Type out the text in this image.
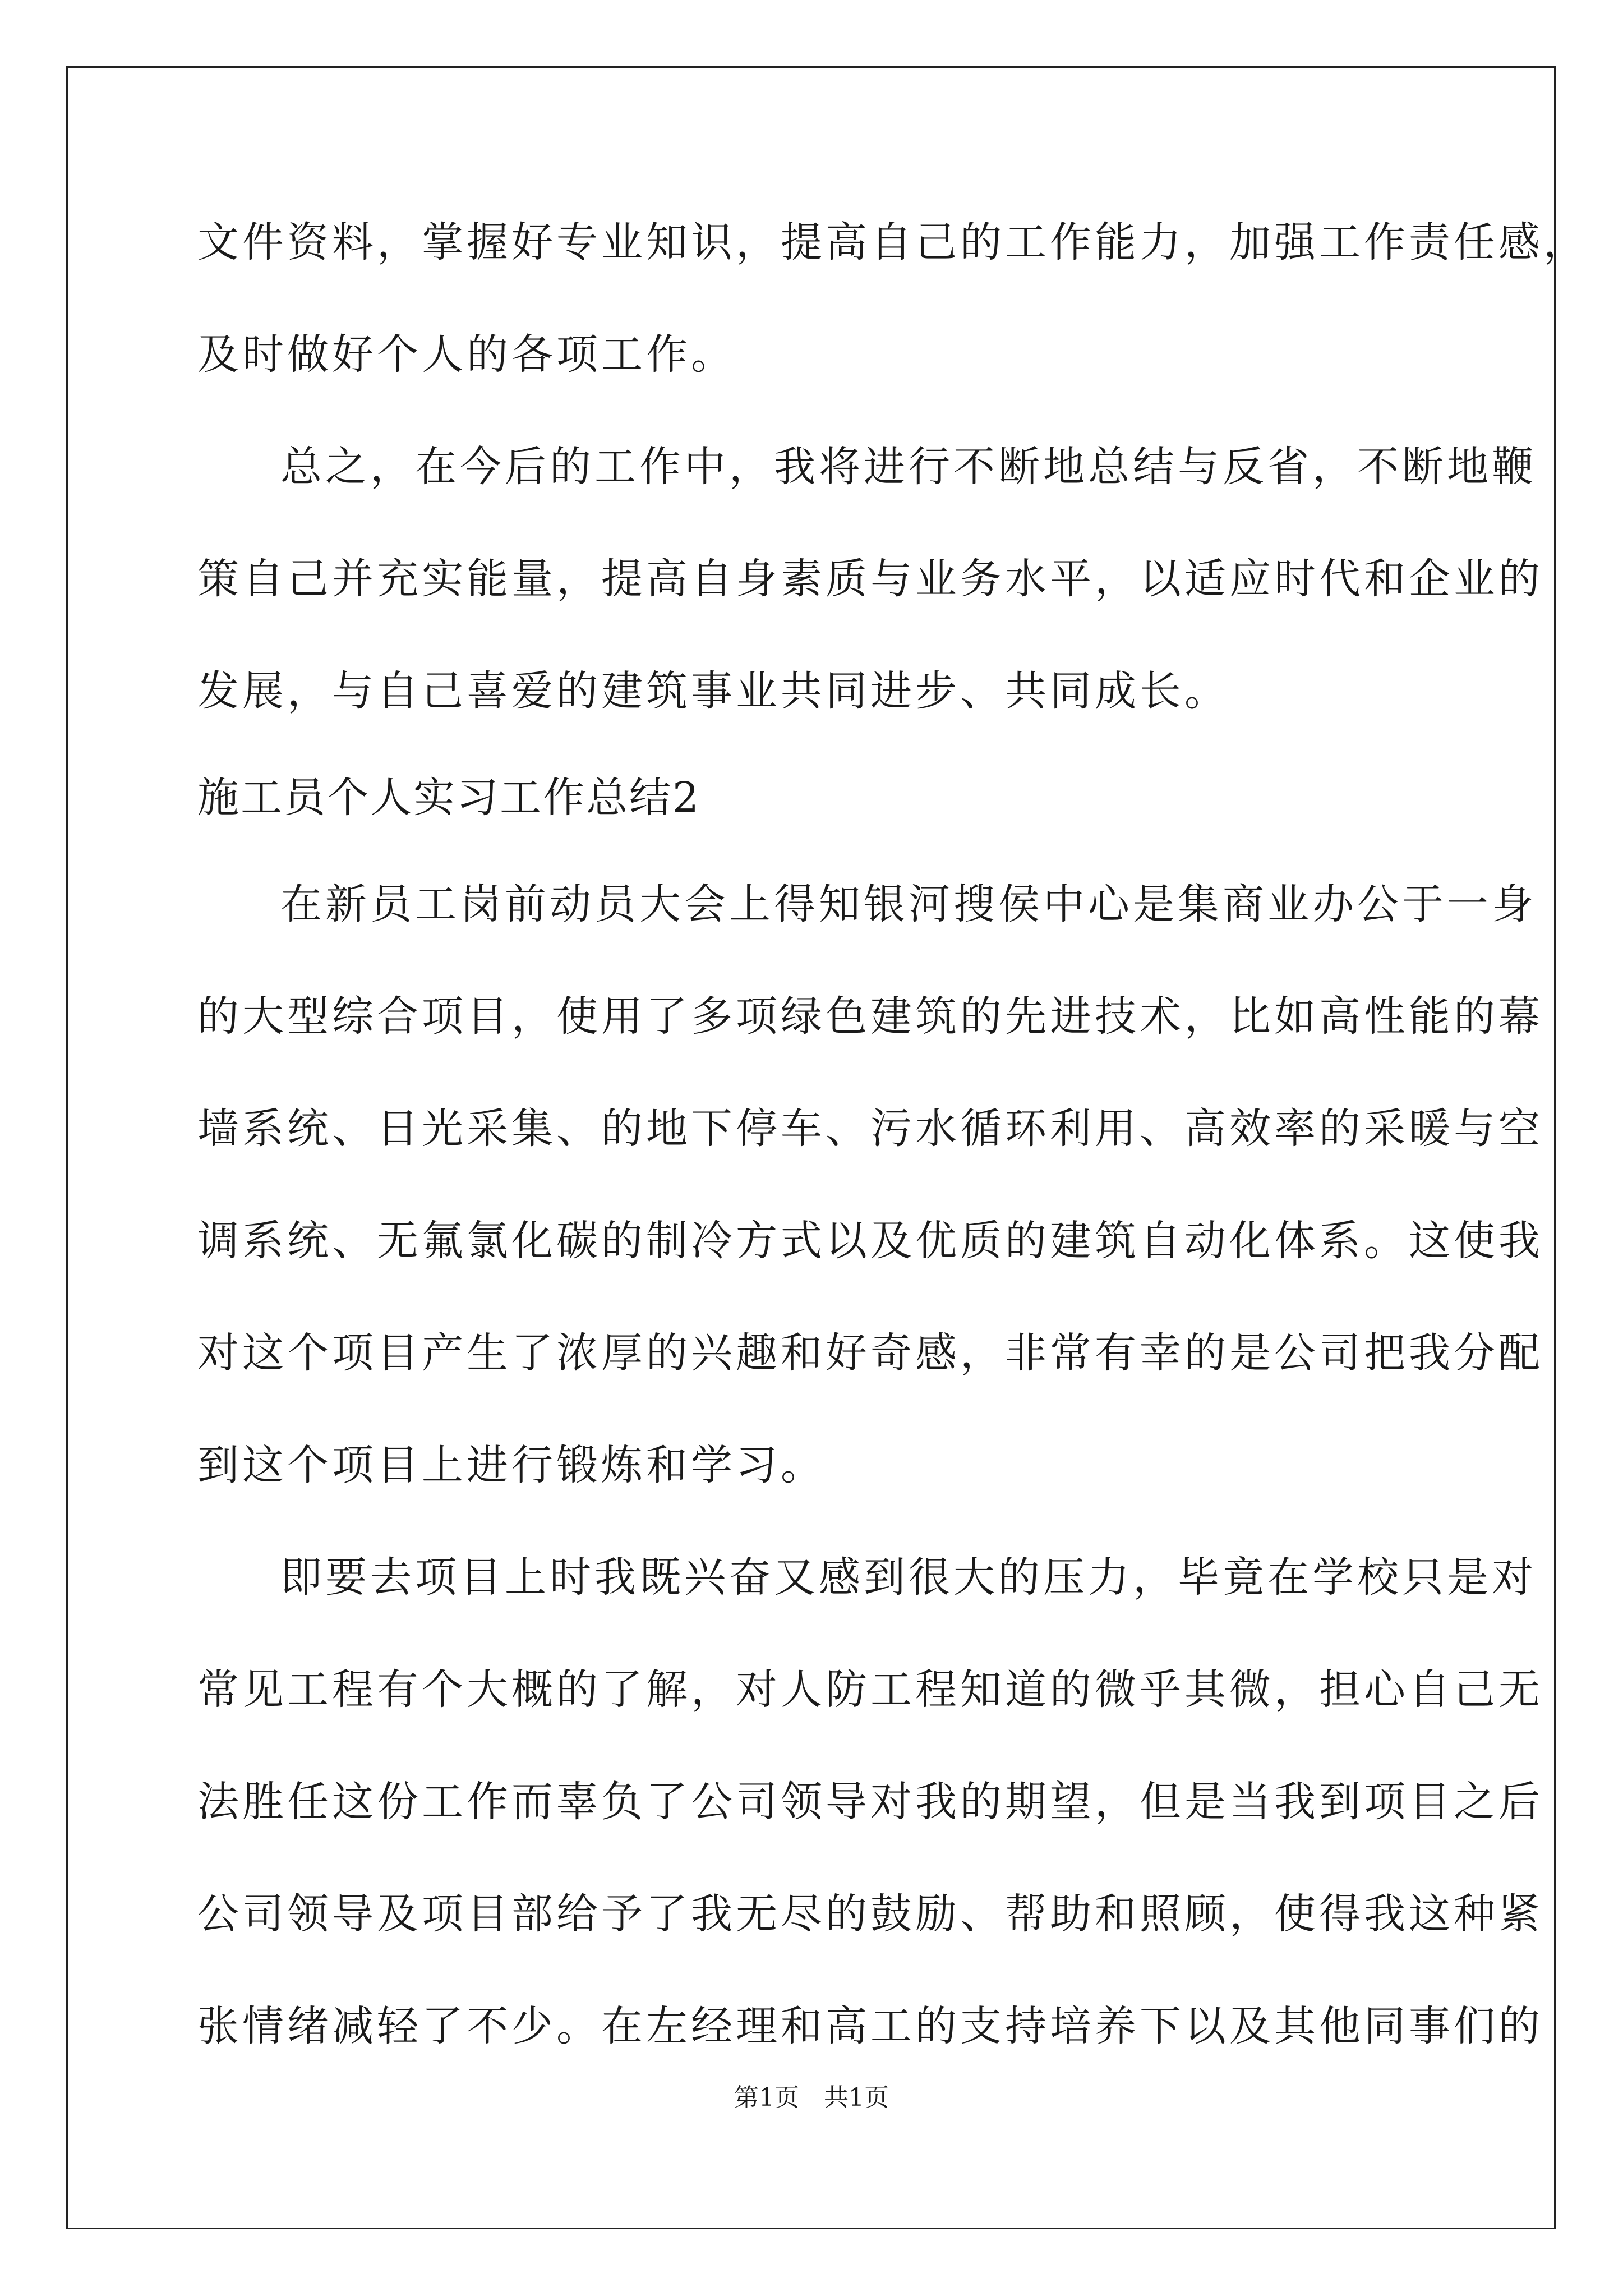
文件资料，掌握好专业知识，提高自己的工作能力，加强工作责任感，
及时做好个人的各项工作。
总之，在今后的工作中，我将进行不断地总结与反省，不断地鞭
策自己并充实能量，提高自身素质与业务水平，以适应时代和企业的
发展，与自己喜爱的建筑事业共同进步、共同成长。
施工员个人实习工作总结2
在新员工岗前动员大会上得知银河搜侯中心是集商业办公于一身
的大型综合项目，使用了多项绿色建筑的先进技术，比如高性能的幕
墙系统、日光采集、的地下停车、污水循环利用、高效率的采暖与空
调系统、无氟氯化碳的制冷方式以及优质的建筑自动化体系。这使我
对这个项目产生了浓厚的兴趣和好奇感，非常有幸的是公司把我分配
到这个项目上进行锻炼和学习。
即要去项目上时我既兴奋又感到很大的压力，毕竟在学校只是对
常见工程有个大概的了解，对人防工程知道的微乎其微，担心自己无
法胜任这份工作而辜负了公司领导对我的期望，但是当我到项目之后
公司领导及项目部给予了我无尽的鼓励、帮助和照顾，使得我这种紧
张情绪减轻了不少。在左经理和高工的支持培养下以及其他同事们的
第1页　共1页
